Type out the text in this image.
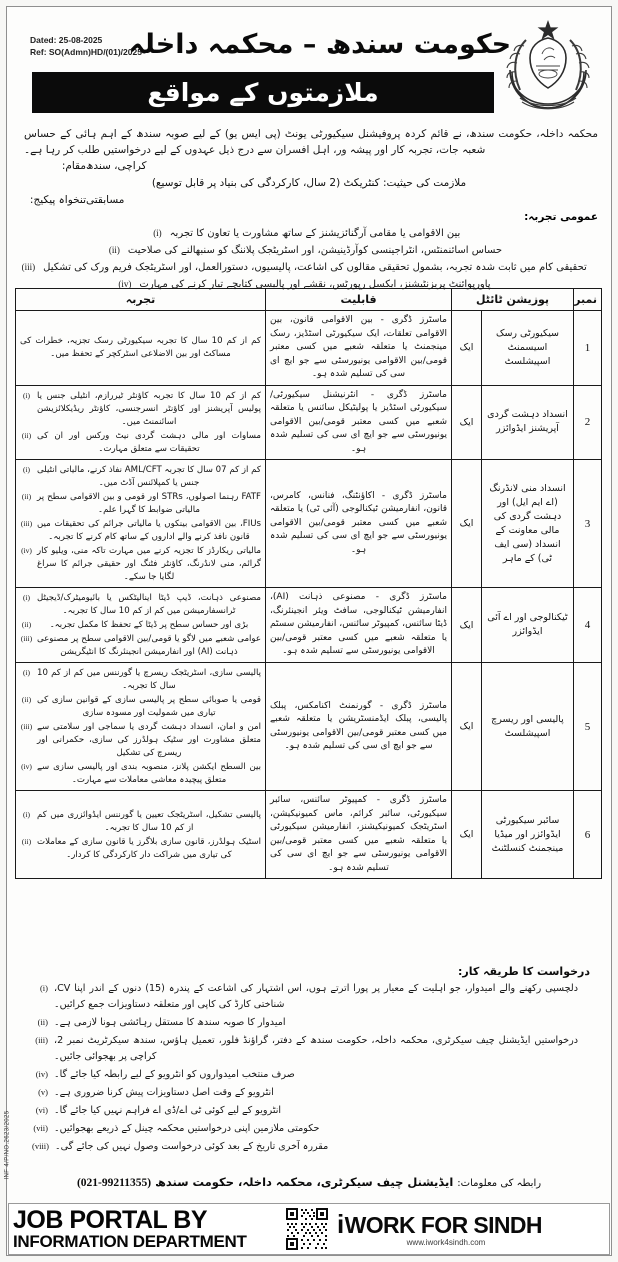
INF 4/P/NO.2623/2025
Dated: 25-08-2025
Ref: SO(Admn)HD/(01)/2025
حکومت سندھ – محکمہ داخلہ
ملازمتوں کے مواقع
محکمہ داخلہ، حکومت سندھ، نے قائم کردہ پروفیشنل سیکیورٹی یونٹ (پی ایس یو) کے لیے صوبہ سندھ کے اہم ہائی کے حساس شعبہ جات، تجربہ کار اور پیشہ ور، اہل افسران سے درج ذیل عہدوں کے لیے درخواستیں طلب کر رہا ہے۔
مقام: کراچی، سندھ
ملازمت کی حیثیت: کنٹریکٹ (2 سال، کارکردگی کی بنیاد پر قابل توسیع)
تنخواہ پیکیج: مسابقتی
عمومی تجربہ:
(i) بین الاقوامی یا مقامی آرگنائزیشنز کے ساتھ مشاورت یا تعاون کا تجربہ
(ii) حساس اسائنمنٹس، انٹراجینسی کوآرڈینیشن، اور اسٹریٹجک پلاننگ کو سنبھالنے کی صلاحیت
(iii) تحقیقی کام میں ثابت شدہ تجربہ، بشمول تحقیقی مقالوں کی اشاعت، پالیسیوں، دستورالعمل، اور اسٹریٹجک فریم ورک کی تشکیل
(iv) پاورپوائنٹ پریزنٹیشنز، ایکسل رپورٹس، نقشے اور پالیسی کتابچے تیار کرنے کی مہارت
نمبر	پوزیشن ٹائٹل		قابلیت	تجربہ
1	سیکیورٹی رسک اسیسمنٹ اسپیشلسٹ	ایک	ماسٹرز ڈگری - بین الاقوامی قانون، بین الاقوامی تعلقات، ایک سیکیورٹی اسٹڈیز، رسک مینجمنٹ یا متعلقہ شعبے میں کسی معتبر قومی/بین الاقوامی یونیورسٹی سے جو ایچ ای سی کی تسلیم شدہ ہو۔	کم از کم 10 سال کا تجربہ سیکیورٹی رسک تجزیہ، خطرات کی مساکٹ اور بین الاضلاعی اسٹرکچر کے تحفظ میں۔

2	انسداد دہشت گردی آپریشنز ایڈوائزر	ایک	ماسٹرز ڈگری - انٹرنیشنل سیکیورٹی/ سیکیورٹی اسٹڈیز یا پولیٹیکل سائنس یا متعلقہ شعبے میں کسی معتبر قومی/بین الاقوامی یونیورسٹی سے جو ایچ ای سی کی تسلیم شدہ ہو۔	
(i) کم از کم 10 سال کا تجربہ کاؤنٹر ٹیررازم، انٹیلی جنس یا پولیس آپریشنز اور کاؤنٹر انسرجنسی، کاؤنٹر ریڈیکلائزیشن اسائنمنٹ میں۔
(ii) مساوات اور مالی دہشت گردی نیٹ ورکس اور ان کی تحقیقات سے متعلق مہارت۔

3	انسداد منی لانڈرنگ (اے ایم ایل) اور دہشت گردی کی مالی معاونت کے انسداد (سی ایف ٹی) کے ماہر	ایک	ماسٹرز ڈگری - اکاؤنٹنگ، فنانس، کامرس، قانون، انفارمیشن ٹیکنالوجی (آئی ٹی) یا متعلقہ شعبے میں کسی معتبر قومی/بین الاقوامی یونیورسٹی سے جو ایچ ای سی کی تسلیم شدہ ہو۔	
(i) کم از کم 07 سال کا تجربہ AML/CFT نفاذ کرنے، مالیاتی انٹیلی جنس یا کمپلائنس آڈٹ میں۔
(ii) FATF رہنما اصولوں، STRs اور قومی و بین الاقوامی سطح پر مالیاتی ضوابط کا گہرا علم۔
(iii) FIUs، بین الاقوامی بینکوں یا مالیاتی جرائم کی تحقیقات میں قانون نافذ کرنے والے اداروں کے ساتھ کام کرنے کا تجربہ۔
(iv) مالیاتی ریکارڈز کا تجزیہ کرنے میں مہارت تاکہ منی، ویلیو کار گرائم، منی لانڈرنگ، کاؤنٹر فٹنگ اور حقیقی جرائم کا سراغ لگایا جا سکے۔

4	ٹیکنالوجی اور اے آئی ایڈوائزر	ایک	ماسٹرز ڈگری - مصنوعی ذہانت (AI)، انفارمیشن ٹیکنالوجی، سافٹ ویئر انجینئرنگ، ڈیٹا سائنس، کمپیوٹر سائنس، انفارمیشن سسٹم یا متعلقہ شعبے میں کسی معتبر قومی/بین الاقوامی یونیورسٹی سے تسلیم شدہ ہو۔	
(i) مصنوعی ذہانت، ڈیپ ڈیٹا اینالیٹکس یا بائیومیٹرک/ڈیجیٹل ٹرانسفارمیشن میں کم از کم 10 سال کا تجربہ۔
(ii)	بڑی اور حساس سطح پر ڈیٹا کے تحفظ کا مکمل تجربہ۔
(iii) عوامی شعبے میں لاگو یا قومی/بین الاقوامی سطح پر مصنوعی ذہانت (AI) اور انفارمیشن انجینئرنگ کا انٹیگریشن

5	پالیسی اور ریسرچ اسپیشلسٹ	ایک	ماسٹرز ڈگری - گورنمنٹ اکنامکس، پبلک پالیسی، پبلک ایڈمنسٹریشن یا متعلقہ شعبے میں کسی معتبر قومی/بین الاقوامی یونیورسٹی سے جو ایچ ای سی کی تسلیم شدہ ہو۔	
(i) پالیسی سازی، اسٹریٹجک ریسرچ یا گورننس میں کم از کم 10 سال کا تجربہ۔
(ii) قومی یا صوبائی سطح پر پالیسی سازی کے قوانین سازی کی تیاری میں شمولیت اور مسودہ سازی
(iii) امن و امان، انسداد دہشت گردی یا سماجی اور سلامتی سے متعلق مشاورت اور سٹیک ہولڈرز کی سازی، حکمرانی اور ریسرچ کی تشکیل
(iv) بین السطح ایکشن پلانز، منصوبہ بندی اور پالیسی سازی سے متعلق پیچیدہ معاشی معاملات سے مہارت۔

6	سائبر سیکیورٹی ایڈوائزر اور میڈیا مینجمنٹ کنسلٹنٹ	ایک	ماسٹرز ڈگری - کمپیوٹر سائنس، سائبر سیکیورٹی، سائبر کرائم، ماس کمیونیکیشن، اسٹریٹجک کمیونیکیشنز، انفارمیشن سیکیورٹی یا متعلقہ شعبے میں کسی معتبر قومی/بین الاقوامی یونیورسٹی سے جو ایچ ای سی کی تسلیم شدہ ہو۔	
(i) پالیسی تشکیل، اسٹریٹجک تعیین یا گورننس ایڈوائزری میں کم از کم 10 سال کا تجربہ۔
(ii) اسٹیک ہولڈرز، قانون سازی بلاگرز یا قانون سازی کے معاملات کی تیاری میں شراکت دار کارکردگی کا کردار۔
درخواست کا طریقہ کار:
(i) دلچسپی رکھنے والے امیدوار، جو اہلیت کے معیار پر پورا اترتے ہوں، اس اشتہار کی اشاعت کے پندرہ (15) دنوں کے اندر اپنا CV، شناختی کارڈ کی کاپی اور متعلقہ دستاویزات جمع کرائیں۔
(ii) امیدوار کا صوبہ سندھ کا مستقل رہائشی ہونا لازمی ہے۔
(iii) درخواستیں ایڈیشنل چیف سیکرٹری، محکمہ داخلہ، حکومت سندھ کے دفتر، گراؤنڈ فلور، تعمیل ہاؤس، سندھ سیکرٹریٹ نمبر 2، کراچی پر بھجوائی جائیں۔
(iv) صرف منتخب امیدواروں کو انٹرویو کے لیے رابطہ کیا جائے گا۔
(v) انٹرویو کے وقت اصل دستاویزات پیش کرنا ضروری ہے۔
(vi) انٹرویو کے لیے کوئی ٹی اے/ڈی اے فراہم نہیں کیا جائے گا۔
(vii) حکومتی ملازمین اپنی درخواستیں محکمہ چینل کے ذریعے بھجوائیں۔
(viii) مقررہ آخری تاریخ کے بعد کوئی درخواست وصول نہیں کی جائے گی۔
رابطہ کی معلومات: ایڈیشنل چیف سیکرٹری، محکمہ داخلہ، حکومت سندھ (021-99211355)
iWORK FOR SINDH
www.iwork4sindh.com
JOB PORTAL BY
INFORMATION DEPARTMENT
